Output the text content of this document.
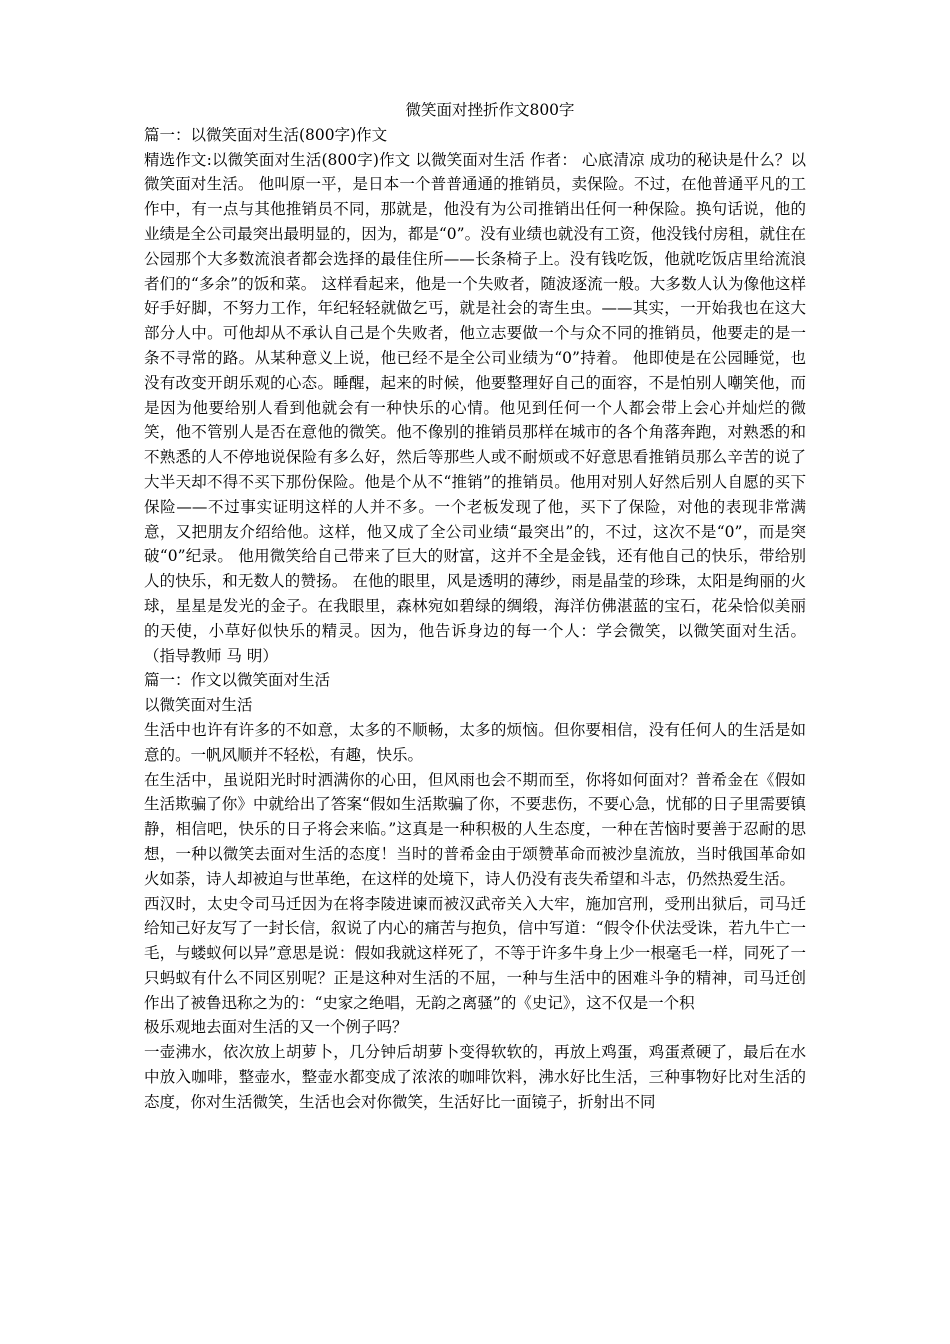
微笑面对挫折作文800字

篇一：以微笑面对生活(800字)作文

精选作文:以微笑面对生活(800字)作文 以微笑面对生活 作者： 心底清凉 成功的秘诀是什么？以微笑面对生活。 他叫原一平，是日本一个普普通通的推销员，卖保险。不过，在他普通平凡的工作中，有一点与其他推销员不同，那就是，他没有为公司推销出任何一种保险。换句话说，他的业绩是全公司最突出最明显的，因为，都是“0”。没有业绩也就没有工资，他没钱付房租，就住在公园那个大多数流浪者都会选择的最佳住所——长条椅子上。没有钱吃饭，他就吃饭店里给流浪者们的“多余”的饭和菜。 这样看起来，他是一个失败者，随波逐流一般。大多数人认为像他这样好手好脚，不努力工作，年纪轻轻就做乞丐，就是社会的寄生虫。——其实，一开始我也在这大部分人中。可他却从不承认自己是个失败者，他立志要做一个与众不同的推销员，他要走的是一条不寻常的路。从某种意义上说，他已经不是全公司业绩为“0”持着。 他即使是在公园睡觉，也没有改变开朗乐观的心态。睡醒，起来的时候，他要整理好自己的面容，不是怕别人嘲笑他，而是因为他要给别人看到他就会有一种快乐的心情。他见到任何一个人都会带上会心并灿烂的微笑，他不管别人是否在意他的微笑。他不像别的推销员那样在城市的各个角落奔跑，对熟悉的和不熟悉的人不停地说保险有多么好，然后等那些人或不耐烦或不好意思看推销员那么辛苦的说了大半天却不得不买下那份保险。他是个从不“推销”的推销员。他用对别人好然后别人自愿的买下保险——不过事实证明这样的人并不多。一个老板发现了他，买下了保险，对他的表现非常满意，又把朋友介绍给他。这样，他又成了全公司业绩“最突出”的，不过，这次不是“0”，而是突破“0”纪录。 他用微笑给自己带来了巨大的财富，这并不全是金钱，还有他自己的快乐，带给别人的快乐，和无数人的赞扬。 在他的眼里，风是透明的薄纱，雨是晶莹的珍珠，太阳是绚丽的火球，星星是发光的金子。在我眼里，森林宛如碧绿的绸缎，海洋仿佛湛蓝的宝石，花朵恰似美丽的天使，小草好似快乐的精灵。因为，他告诉身边的每一个人：学会微笑，以微笑面对生活。 （指导教师 马 明）

篇一：作文以微笑面对生活

以微笑面对生活

生活中也许有许多的不如意，太多的不顺畅，太多的烦恼。但你要相信，没有任何人的生活是如意的。一帆风顺并不轻松，有趣，快乐。

在生活中，虽说阳光时时洒满你的心田，但风雨也会不期而至，你将如何面对？普希金在《假如生活欺骗了你》中就给出了答案“假如生活欺骗了你，不要悲伤，不要心急，忧郁的日子里需要镇静，相信吧，快乐的日子将会来临。”这真是一种积极的人生态度，一种在苦恼时要善于忍耐的思想，一种以微笑去面对生活的态度！当时的普希金由于颂赞革命而被沙皇流放，当时俄国革命如火如荼，诗人却被迫与世革绝，在这样的处境下，诗人仍没有丧失希望和斗志，仍然热爱生活。

西汉时，太史令司马迁因为在将李陵进谏而被汉武帝关入大牢，施加宫刑，受刑出狱后，司马迁给知己好友写了一封长信，叙说了内心的痛苦与抱负，信中写道：“假令仆伏法受诛，若九牛亡一毛，与蝼蚁何以异”意思是说：假如我就这样死了，不等于许多牛身上少一根毫毛一样，同死了一只蚂蚁有什么不同区别呢？正是这种对生活的不屈，一种与生活中的困难斗争的精神，司马迁创作出了被鲁迅称之为的：“史家之绝唱，无韵之离骚”的《史记》，这不仅是一个积

极乐观地去面对生活的又一个例子吗？

一壶沸水，依次放上胡萝卜，几分钟后胡萝卜变得软软的，再放上鸡蛋，鸡蛋煮硬了，最后在水中放入咖啡，整壶水，整壶水都变成了浓浓的咖啡饮料，沸水好比生活，三种事物好比对生活的态度，你对生活微笑，生活也会对你微笑，生活好比一面镜子，折射出不同
